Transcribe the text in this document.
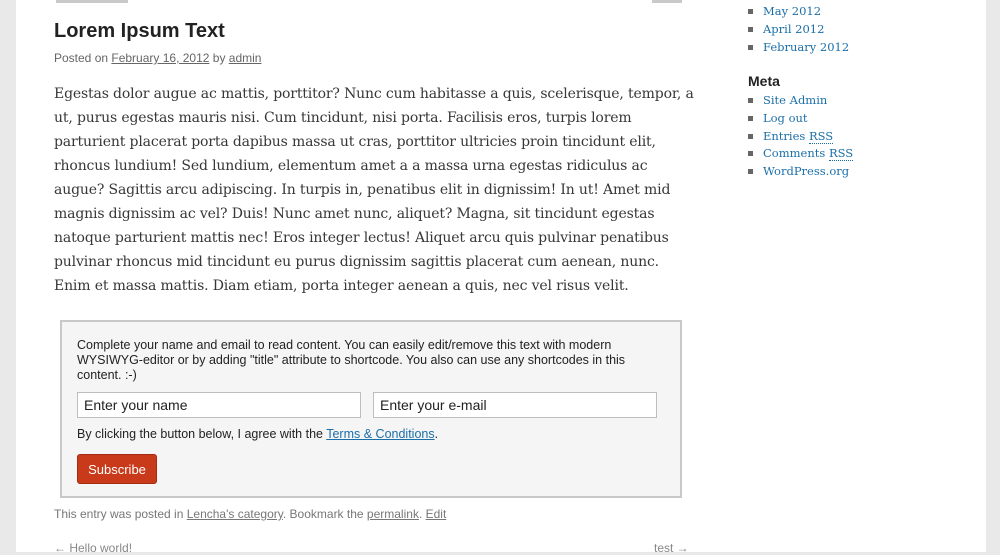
Lorem Ipsum Text
Posted on February 16, 2012 by admin

Egestas dolor augue ac mattis, porttitor? Nunc cum habitasse a quis, scelerisque, tempor, a ut, purus egestas mauris nisi. Cum tincidunt, nisi porta. Facilisis eros, turpis lorem parturient placerat porta dapibus massa ut cras, porttitor ultricies proin tincidunt elit, rhoncus lundium! Sed lundium, elementum amet a a massa urna egestas ridiculus ac augue? Sagittis arcu adipiscing. In turpis in, penatibus elit in dignissim! In ut! Amet mid magnis dignissim ac vel? Duis! Nunc amet nunc, aliquet? Magna, sit tincidunt egestas natoque parturient mattis nec! Eros integer lectus! Aliquet arcu quis pulvinar penatibus pulvinar rhoncus mid tincidunt eu purus dignissim sagittis placerat cum aenean, nunc. Enim et massa mattis. Diam etiam, porta integer aenean a quis, nec vel risus velit.

Complete your name and email to read content. You can easily edit/remove this text with modern WYSIWYG-editor or by adding "title" attribute to shortcode. You also can use any shortcodes in this content. :-)
Enter your name
Enter your e-mail
By clicking the button below, I agree with the Terms & Conditions.
Subscribe
This entry was posted in Lencha's category. Bookmark the permalink. Edit
← Hello world!	test →
May 2012
April 2012
February 2012
Meta
Site Admin
Log out
Entries RSS
Comments RSS
WordPress.org
